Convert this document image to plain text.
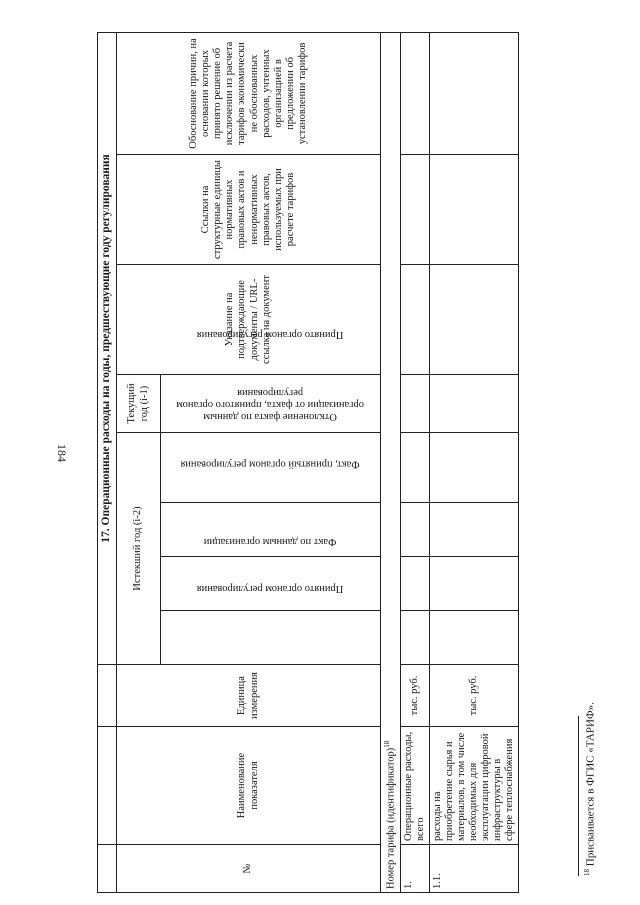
184
				17. Операционные расходы на годы, предшествующие году регулирования							
№	Наименование показателя	Единица измерения	Истекший год (i-2)				Текущий год (i-1)	Указание на подтверждающие документы / URL-ссылка на документ	Ссылки на структурные единицы нормативных правовых актов и ненормативных правовых актов, используемых при расчете тарифов	Обоснование причин, на основании которых принято решение об исключении из расчета тарифов экономически не обоснованных расходов, учтенных организацией в предложении об установлении тарифов
			Принято органом регулирования	Факт по данным организации	Факт, принятый органом регулирования	Отклонение факта по данным организации от факта, принятого органом регулирования	Принято органом регулирования			
Номер тарифа (идентификатор)$^{18}$
1.	Операционные расходы, всего	тыс. руб.								
1.1.	расходы на приобретение сырья и материалов, в том числе необходимых для эксплуатации цифровой инфраструктуры в сфере теплоснабжения	тыс. руб.								
$^{18}$ Присваивается в ФГИС «ТАРИФ».
